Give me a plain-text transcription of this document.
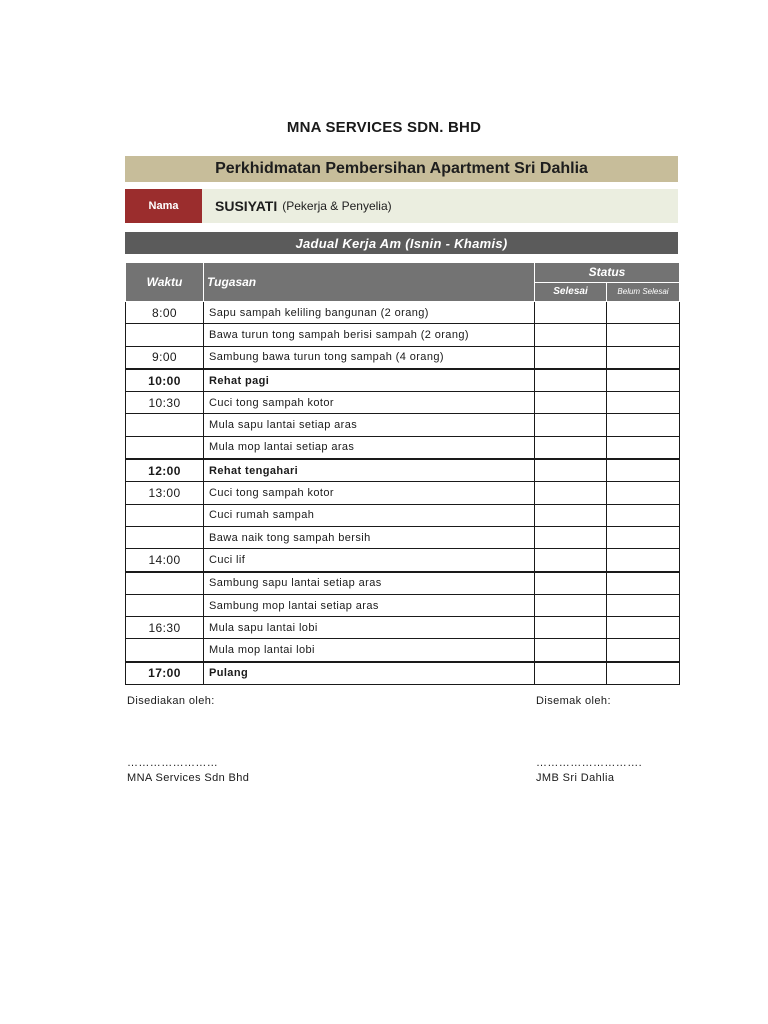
MNA SERVICES SDN. BHD
Perkhidmatan Pembersihan Apartment Sri Dahlia
Nama	SUSIYATI (Pekerja & Penyelia)
Jadual Kerja Am (Isnin - Khamis)
Waktu	Tugasan	Status	
		Selesai	Belum Selesai
8:00	Sapu sampah keliling bangunan (2 orang)		
	Bawa turun tong sampah berisi sampah (2 orang)		
9:00	Sambung bawa turun tong sampah (4 orang)		
10:00	Rehat pagi		
10:30	Cuci tong sampah kotor		
	Mula sapu lantai setiap aras		
	Mula mop lantai setiap aras		
12:00	Rehat tengahari		
13:00	Cuci tong sampah kotor		
	Cuci rumah sampah		
	Bawa naik tong sampah bersih		
14:00	Cuci lif		
	Sambung sapu lantai setiap aras		
	Sambung mop lantai setiap aras		
16:30	Mula sapu lantai lobi		
	Mula mop lantai lobi		
17:00	Pulang		
Disediakan oleh:
……………………
MNA Services Sdn Bhd
Disemak oleh:
……………………….
JMB Sri Dahlia
